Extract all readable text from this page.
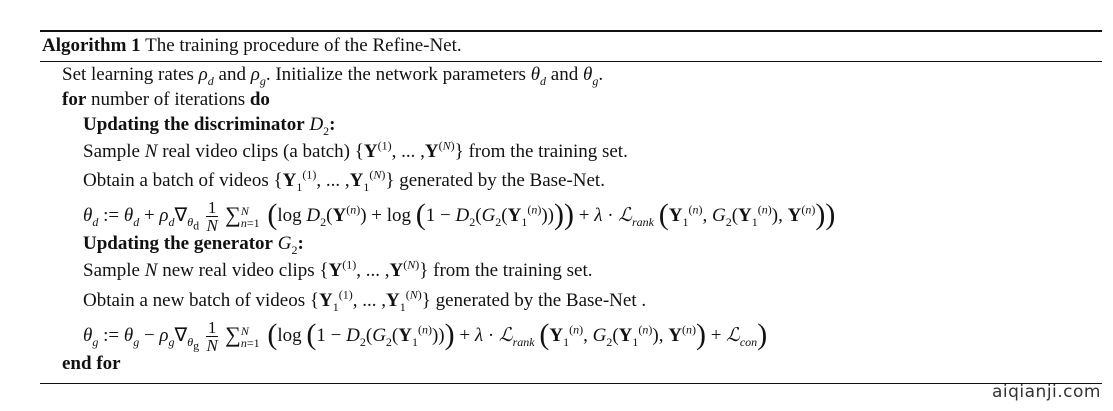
Algorithm 1 The training procedure of the Refine-Net.
Set learning rates $\rho_d$ and $\rho_g$. Initialize the network parameters $\theta_d$ and $\theta_g$.
for number of iterations do
Updating the discriminator $D_2$:
Sample N real video clips (a batch) {$Y^{(1)}$, ... $,Y^{(N)}$} from the training set.
Obtain a batch of videos {$Y_1^{(1)}$, ... $,Y_1^{(N)}$} generated by the Base-Net.
$\theta_d$ := $\theta_d + \rho_d\nabla_{\theta_d} \frac{1}{N} \sum N$
n=1 (log $D_2(Y^{(n)}) + \log (1 - D_2(G_2(Y_1^{(n)})))) + \lambda$ · ℒ$_{rank}$ ($Y_1^{(n)}$, $G_2(Y_1^{(n)})$, $Y^{(n)}$))
Updating the generator $G_2$:
Sample N new real video clips {$Y^{(1)}$, ... $,Y^{(N)}$} from the training set.
Obtain a new batch of videos {$Y_1^{(1)}$, ... $,Y_1^{(N)}$} generated by the Base-Net .
$\theta_g$ := $\theta_g - \rho_g\nabla_{\theta_g} \frac{1}{N} \sum N$
n=1 (log $(1 - D_2(G_2(Y_1^{(n)}))) + \lambda$ · ℒ$_{rank}$ ($Y_1^{(n)}$, $G_2(Y_1^{(n)})$, $Y^{(n)}$) + ℒ$_{con}$)
end for
aiqianji.com
